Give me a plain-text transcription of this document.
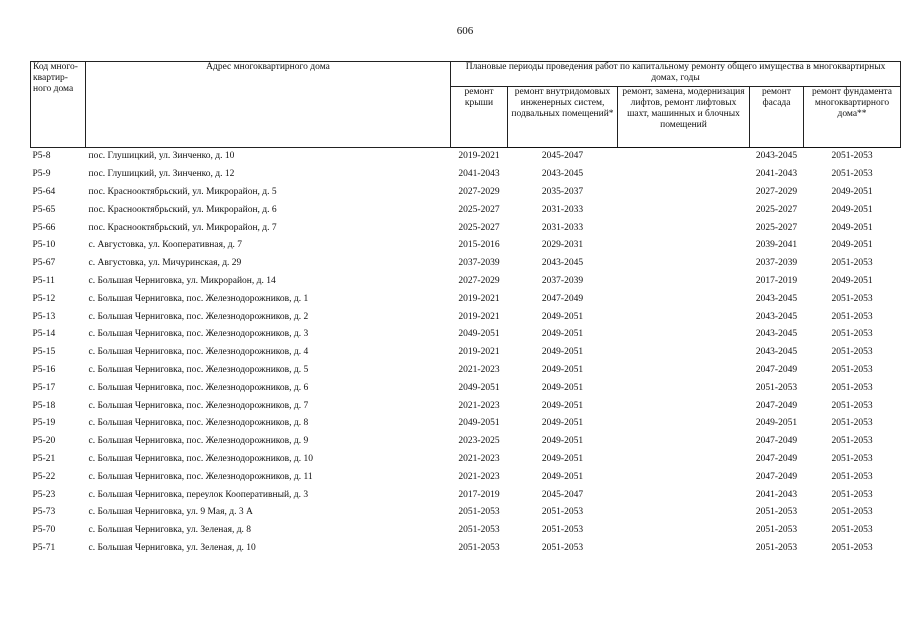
606
Код много-квартир-ного дома	Адрес многоквартирного дома	Плановые периоды проведения работ по капитальному ремонту общего имущества в многоквартирных домах, годы				
		ремонт крыши	ремонт внутридомовых инженерных систем, подвальных помещений*	ремонт, замена, модернизация лифтов, ремонт лифтовых шахт, машинных и блочных помещений	ремонт фасада	ремонт фундамента многоквартирного дома**
Р5-8	пос. Глушицкий, ул. Зинченко, д. 10	2019-2021	2045-2047		2043-2045	2051-2053
Р5-9	пос. Глушицкий, ул. Зинченко, д. 12	2041-2043	2043-2045		2041-2043	2051-2053
Р5-64	пос. Краснооктябрьский, ул. Микрорайон, д. 5	2027-2029	2035-2037		2027-2029	2049-2051
Р5-65	пос. Краснооктябрьский, ул. Микрорайон, д. 6	2025-2027	2031-2033		2025-2027	2049-2051
Р5-66	пос. Краснооктябрьский, ул. Микрорайон, д. 7	2025-2027	2031-2033		2025-2027	2049-2051
Р5-10	с. Августовка, ул. Кооперативная, д. 7	2015-2016	2029-2031		2039-2041	2049-2051
Р5-67	с. Августовка, ул. Мичуринская, д. 29	2037-2039	2043-2045		2037-2039	2051-2053
Р5-11	с. Большая Черниговка, ул. Микрорайон, д. 14	2027-2029	2037-2039		2017-2019	2049-2051
Р5-12	с. Большая Черниговка, пос. Железнодорожников, д. 1	2019-2021	2047-2049		2043-2045	2051-2053
Р5-13	с. Большая Черниговка, пос. Железнодорожников, д. 2	2019-2021	2049-2051		2043-2045	2051-2053
Р5-14	с. Большая Черниговка, пос. Железнодорожников, д. 3	2049-2051	2049-2051		2043-2045	2051-2053
Р5-15	с. Большая Черниговка, пос. Железнодорожников, д. 4	2019-2021	2049-2051		2043-2045	2051-2053
Р5-16	с. Большая Черниговка, пос. Железнодорожников, д. 5	2021-2023	2049-2051		2047-2049	2051-2053
Р5-17	с. Большая Черниговка, пос. Железнодорожников, д. 6	2049-2051	2049-2051		2051-2053	2051-2053
Р5-18	с. Большая Черниговка, пос. Железнодорожников, д. 7	2021-2023	2049-2051		2047-2049	2051-2053
Р5-19	с. Большая Черниговка, пос. Железнодорожников, д. 8	2049-2051	2049-2051		2049-2051	2051-2053
Р5-20	с. Большая Черниговка, пос. Железнодорожников, д. 9	2023-2025	2049-2051		2047-2049	2051-2053
Р5-21	с. Большая Черниговка, пос. Железнодорожников, д. 10	2021-2023	2049-2051		2047-2049	2051-2053
Р5-22	с. Большая Черниговка, пос. Железнодорожников, д. 11	2021-2023	2049-2051		2047-2049	2051-2053
Р5-23	с. Большая Черниговка, переулок Кооперативный, д. 3	2017-2019	2045-2047		2041-2043	2051-2053
Р5-73	с. Большая Черниговка, ул. 9 Мая, д. 3 А	2051-2053	2051-2053		2051-2053	2051-2053
Р5-70	с. Большая Черниговка, ул. Зеленая, д. 8	2051-2053	2051-2053		2051-2053	2051-2053
Р5-71	с. Большая Черниговка, ул. Зеленая, д. 10	2051-2053	2051-2053		2051-2053	2051-2053
